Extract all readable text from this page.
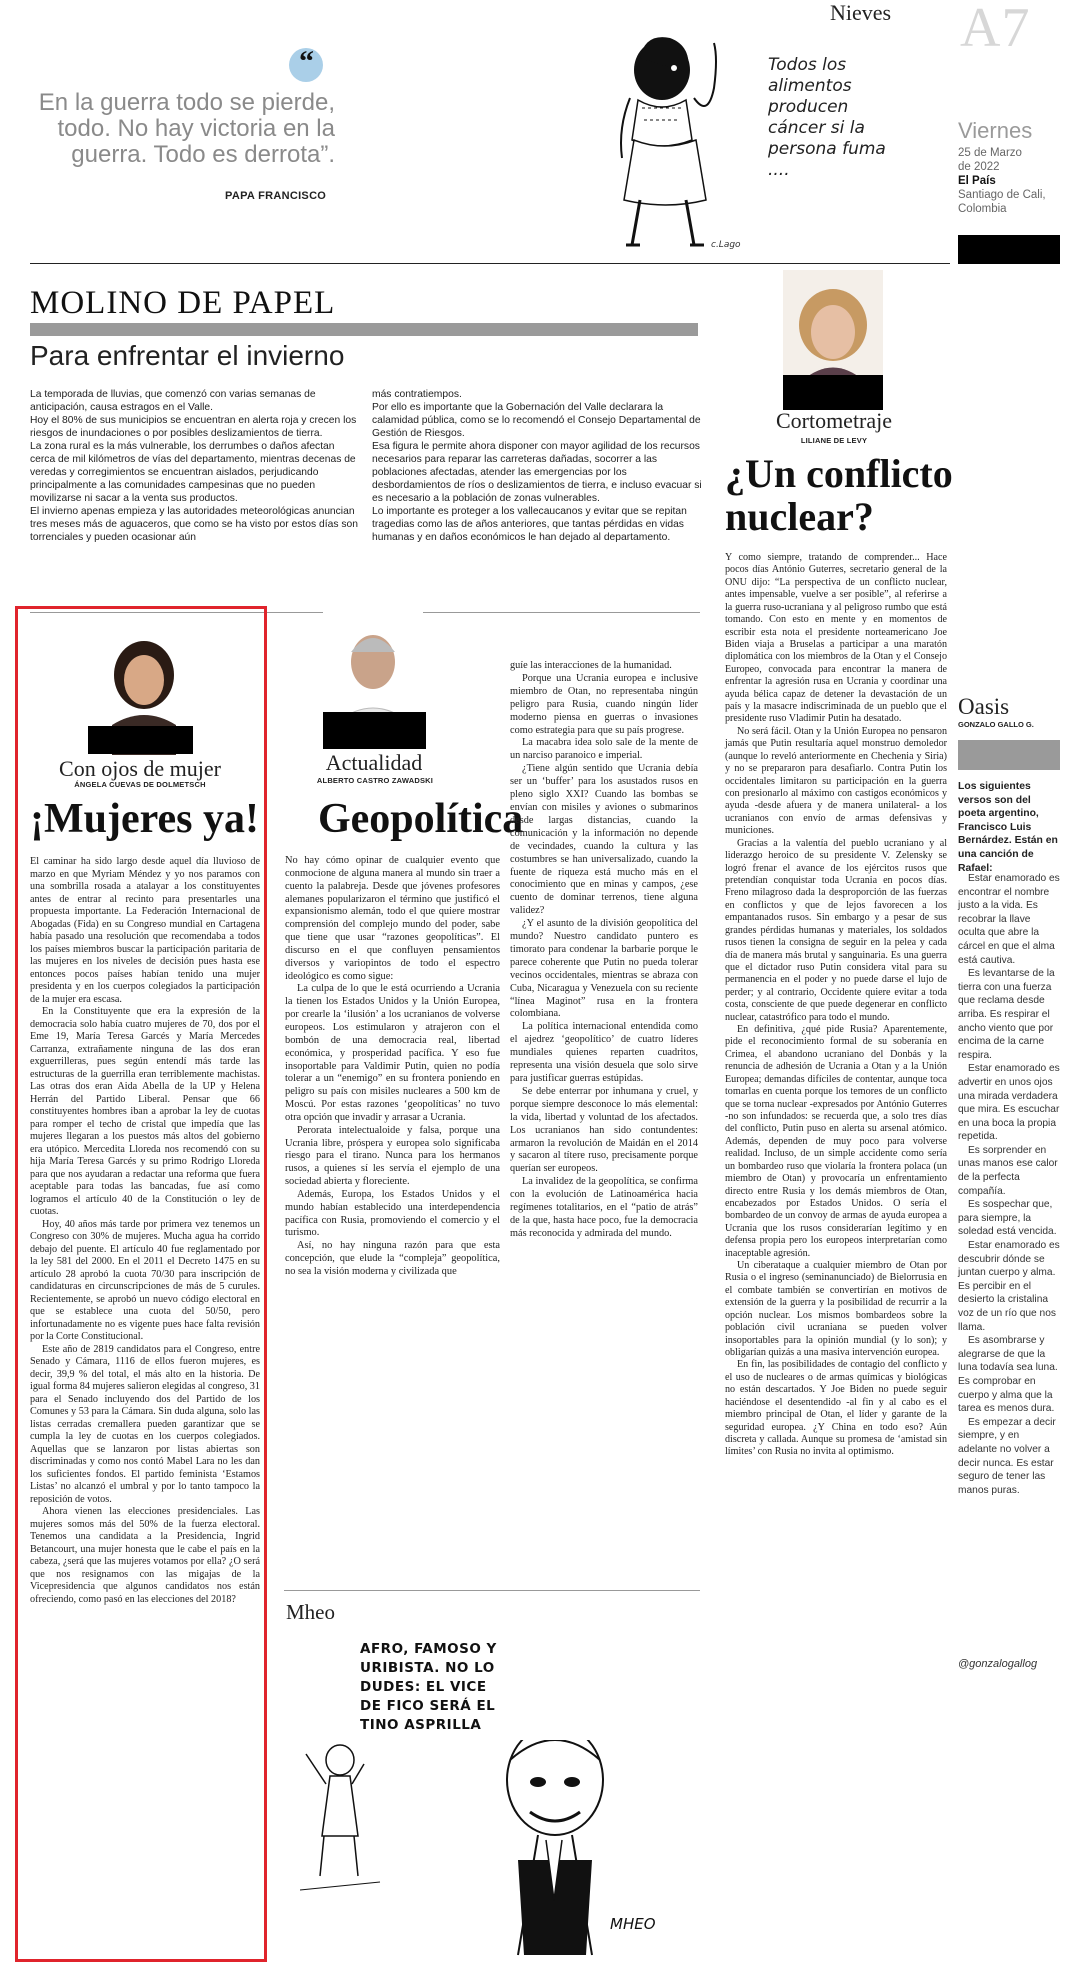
“
En la guerra todo se pierde, todo. No hay victoria en la guerra. Todo es derrota”.
PAPA FRANCISCO
Nieves
Todos los alimentos producen cáncer si la persona fuma ....
c.Lago
A7
Viernes
25 de Marzo
de 2022
El País
Santiago de Cali,
Colombia
MOLINO DE PAPEL
Para enfrentar el invierno
La temporada de lluvias, que comenzó con varias semanas de anticipación, causa estragos en el Valle.
Hoy el 80% de sus municipios se encuentran en alerta roja y crecen los riesgos de inundaciones o por posibles deslizamientos de tierra.
La zona rural es la más vulnerable, los derrumbes o daños afectan cerca de mil kilómetros de vías del departamento, mientras decenas de veredas y corregimientos se encuentran aislados, perjudicando principalmente a las comunidades campesinas que no pueden movilizarse ni sacar a la venta sus productos.
El invierno apenas empieza y las autoridades meteorológicas anuncian tres meses más de aguaceros, que como se ha visto por estos días son torrenciales y pueden ocasionar aún
más contratiempos.
Por ello es importante que la Gobernación del Valle declarara la calamidad pública, como se lo recomendó el Consejo Departamental de Gestión de Riesgos.
Esa figura le permite ahora disponer con mayor agilidad de los recursos necesarios para reparar las carreteras dañadas, socorrer a las poblaciones afectadas, atender las emergencias por los desbordamientos de ríos o deslizamientos de tierra, e incluso evacuar si es necesario a la población de zonas vulnerables.
Lo importante es proteger a los vallecaucanos y evitar que se repitan tragedias como las de años anteriores, que tantas pérdidas en vidas humanas y en daños económicos le han dejado al departamento.
Cortometraje
LILIANE DE LEVY
¿Un conflicto nuclear?

Y como siempre, tratando de comprender... Hace pocos días António Guterres, secretario general de la ONU dijo: “La perspectiva de un conflicto nuclear, antes impensable, vuelve a ser posible”, al referirse a la guerra ruso-ucraniana y al peligroso rumbo que está tomando. Con esto en mente y en momentos de escribir esta nota el presidente norteamericano Joe Biden viaja a Bruselas a participar a una maratón diplomática con los miembros de la Otan y el Consejo Europeo, convocada para encontrar la manera de enfrentar la agresión rusa en Ucrania y coordinar una ayuda bélica capaz de detener la devastación de un país y la masacre indiscriminada de un pueblo que el presidente ruso Vladimir Putin ha desatado.

No será fácil. Otan y la Unión Europea no pensaron jamás que Putin resultaría aquel monstruo demoledor (aunque lo reveló anteriormente en Chechenia y Siria) y no se prepararon para desafiarlo. Contra Putin los occidentales limitaron su participación en la guerra con presionarlo al máximo con castigos económicos y ayuda -desde afuera y de manera unilateral- a los ucranianos con envío de armas defensivas y municiones.

Gracias a la valentía del pueblo ucraniano y al liderazgo heroico de su presidente V. Zelensky se logró frenar el avance de los ejércitos rusos que pretendían conquistar toda Ucrania en pocos días. Freno milagroso dada la desproporción de las fuerzas en conflictos y que de lejos favorecen a los empantanados rusos. Sin embargo y a pesar de sus grandes pérdidas humanas y materiales, los soldados rusos tienen la consigna de seguir en la pelea y cada día de manera más brutal y sanguinaria. Es una guerra que el dictador ruso Putin considera vital para su permanencia en el poder y no puede darse el lujo de perder; y al contrario, Occidente quiere evitar a toda costa, consciente de que puede degenerar en conflicto nuclear, catastrófico para todo el mundo.

En definitiva, ¿qué pide Rusia? Aparentemente, pide el reconocimiento formal de su soberanía en Crimea, el abandono ucraniano del Donbás y la renuncia de adhesión de Ucrania a Otan y a la Unión Europea; demandas difíciles de contentar, aunque toca tomarlas en cuenta porque los temores de un conflicto que se torna nuclear -expresados por António Guterres -no son infundados: se recuerda que, a solo tres días del conflicto, Putin puso en alerta su arsenal atómico. Además, dependen de muy poco para volverse realidad. Incluso, de un simple accidente como sería un bombardeo ruso que violaría la frontera polaca (un miembro de Otan) y provocaría un enfrentamiento directo entre Rusia y los demás miembros de Otan, encabezados por Estados Unidos. O sería el bombardeo de un convoy de armas de ayuda europea a Ucrania que los rusos considerarían legítimo y en defensa propia pero los europeos interpretarían como inaceptable agresión.

Un ciberataque a cualquier miembro de Otan por Rusia o el ingreso (seminanunciado) de Bielorrusia en el combate también se convertirían en motivos de extensión de la guerra y la posibilidad de recurrir a la opción nuclear. Los mismos bombardeos sobre la población civil ucraniana se pueden volver insoportables para la opinión mundial (y lo son); y obligarían quizás a una masiva intervención europea.

En fin, las posibilidades de contagio del conflicto y el uso de nucleares o de armas químicas y biológicas no están descartados. Y Joe Biden no puede seguir haciéndose el desentendido -al fin y al cabo es el miembro principal de Otan, el líder y garante de la seguridad europea. ¿Y China en todo eso? Aún discreta y callada. Aunque su promesa de ‘amistad sin límites’ con Rusia no invita al optimismo.

Con ojos de mujer
ÁNGELA CUEVAS DE DOLMETSCH
¡Mujeres ya!

El caminar ha sido largo desde aquel día lluvioso de marzo en que Myriam Méndez y yo nos paramos con una sombrilla rosada a atalayar a los constituyentes antes de entrar al recinto para presentarles una propuesta importante. La Federación Internacional de Abogadas (Fida) en su Congreso mundial en Cartagena había pasado una resolución que recomendaba a todos los países miembros buscar la participación paritaria de las mujeres en los niveles de decisión pues hasta ese entonces pocos países habían tenido una mujer presidenta y en los cuerpos colegiados la participación de la mujer era escasa.

En la Constituyente que era la expresión de la democracia solo había cuatro mujeres de 70, dos por el Eme 19, María Teresa Garcés y María Mercedes Carranza, extrañamente ninguna de las dos eran exguerrilleras, pues según entendí más tarde las estructuras de la guerrilla eran terriblemente machistas. Las otras dos eran Aida Abella de la UP y Helena Herrán del Partido Liberal. Pensar que 66 constituyentes hombres iban a aprobar la ley de cuotas para romper el techo de cristal que impedía que las mujeres llegaran a los puestos más altos del gobierno era utópico. Mercedita Lloreda nos recomendó con su hija María Teresa Garcés y su primo Rodrigo Lloreda para que nos ayudaran a redactar una reforma que fuera aceptable para todas las bancadas, fue así como logramos el artículo 40 de la Constitución o ley de cuotas.

Hoy, 40 años más tarde por primera vez tenemos un Congreso con 30% de mujeres. Mucha agua ha corrido debajo del puente. El artículo 40 fue reglamentado por la ley 581 del 2000. En el 2011 el Decreto 1475 en su artículo 28 aprobó la cuota 70/30 para inscripción de candidaturas en circunscripciones de más de 5 curules. Recientemente, se aprobó un nuevo código electoral en que se establece una cuota del 50/50, pero infortunadamente no es vigente pues hace falta revisión por la Corte Constitucional.

Este año de 2819 candidatos para el Congreso, entre Senado y Cámara, 1116 de ellos fueron mujeres, es decir, 39,9 % del total, el más alto en la historia. De igual forma 84 mujeres salieron elegidas al congreso, 31 para el Senado incluyendo dos del Partido de los Comunes y 53 para la Cámara. Sin duda alguna, solo las listas cerradas cremallera pueden garantizar que se cumpla la ley de cuotas en los cuerpos colegiados. Aquellas que se lanzaron por listas abiertas son discriminadas y como nos contó Mabel Lara no les dan los suficientes fondos. El partido feminista ‘Estamos Listas’ no alcanzó el umbral y por lo tanto tampoco la reposición de votos.

Ahora vienen las elecciones presidenciales. Las mujeres somos más del 50% de la fuerza electoral. Tenemos una candidata a la Presidencia, Ingrid Betancourt, una mujer honesta que le cabe el país en la cabeza, ¿será que las mujeres votamos por ella? ¿O será que nos resignamos con las migajas de la Vicepresidencia que algunos candidatos nos están ofreciendo, como pasó en las elecciones del 2018?

Actualidad
ALBERTO CASTRO ZAWADSKI
Geopolítica

No hay cómo opinar de cualquier evento que conmocione de alguna manera al mundo sin traer a cuento la palabreja. Desde que jóvenes profesores alemanes popularizaron el término que justificó el expansionismo alemán, todo el que quiere mostrar comprensión del complejo mundo del poder, sabe que tiene que usar “razones geopolíticas”. El discurso en el que confluyen pensamientos diversos y variopintos de todo el espectro ideológico es como sigue:

La culpa de lo que le está ocurriendo a Ucrania la tienen los Estados Unidos y la Unión Europea, por crearle la ‘ilusión’ a los ucranianos de volverse europeos. Los estimularon y atrajeron con el bombón de una democracia real, libertad económica, y prosperidad pacífica. Y eso fue insoportable para Valdimir Putin, quien no podía tolerar a un “enemigo” en su frontera poniendo en peligro su país con misiles nucleares a 500 km de Moscú. Por estas razones ‘geopolíticas’ no tuvo otra opción que invadir y arrasar a Ucrania.

Perorata intelectualoide y falsa, porque una Ucrania libre, próspera y europea solo significaba riesgo para el tirano. Nunca para los hermanos rusos, a quienes sí les servía el ejemplo de una sociedad abierta y floreciente.

Además, Europa, los Estados Unidos y el mundo habían establecido una interdependencia pacífica con Rusia, promoviendo el comercio y el turismo.

Así, no hay ninguna razón para que esta concepción, que elude la “compleja” geopolítica, no sea la visión moderna y civilizada que

guíe las interacciones de la humanidad.

Porque una Ucrania europea e inclusive miembro de Otan, no representaba ningún peligro para Rusia, cuando ningún líder moderno piensa en guerras o invasiones como estrategia para que su país progrese.

La macabra idea solo sale de la mente de un narciso paranoico e imperial.

¿Tiene algún sentido que Ucrania debía ser un ‘buffer’ para los asustados rusos en pleno siglo XXI? Cuando las bombas se envían con misiles y aviones o submarinos desde largas distancias, cuando la comunicación y la información no depende de vecindades, cuando la cultura y las costumbres se han universalizado, cuando la fuente de riqueza está mucho más en el conocimiento que en minas y campos, ¿ese cuento de dominar terrenos, tiene alguna validez?

¿Y el asunto de la división geopolítica del mundo? Nuestro candidato puntero es timorato para condenar la barbarie porque le parece coherente que Putin no pueda tolerar vecinos occidentales, mientras se abraza con Cuba, Nicaragua y Venezuela con su reciente “línea Maginot” rusa en la frontera colombiana.

La política internacional entendida como el ajedrez ‘geopolítico’ de cuatro líderes mundiales quienes reparten cuadritos, representa una visión desuela que solo sirve para justificar guerras estúpidas.

Se debe enterrar por inhumana y cruel, y porque siempre desconoce lo más elemental: la vida, libertad y voluntad de los afectados. Los ucranianos han sido contundentes: armaron la revolución de Maidán en el 2014 y sacaron al títere ruso, precisamente porque querían ser europeos.

La invalidez de la geopolítica, se confirma con la evolución de Latinoamérica hacia regímenes totalitarios, en el “patio de atrás” de la que, hasta hace poco, fue la democracia más reconocida y admirada del mundo.

Mheo
AFRO, FAMOSO Y URIBISTA. NO LO DUDES: EL VICE DE FICO SERÁ EL TINO ASPRILLA
MHEO
Oasis
GONZALO GALLO G.
Los siguientes versos son del poeta argentino, Francisco Luis Bernárdez. Están en una canción de Rafael:

Estar enamorado es encontrar el nombre justo a la vida. Es recobrar la llave oculta que abre la cárcel en que el alma está cautiva.

Es levantarse de la tierra con una fuerza que reclama desde arriba. Es respirar el ancho viento que por encima de la carne respira.

Estar enamorado es advertir en unos ojos una mirada verdadera que mira. Es escuchar en una boca la propia repetida.

Es sorprender en unas manos ese calor de la perfecta compañía.

Es sospechar que, para siempre, la soledad está vencida.

Estar enamorado es descubrir dónde se juntan cuerpo y alma. Es percibir en el desierto la cristalina voz de un río que nos llama.

Es asombrarse y alegrarse de que la luna todavía sea luna. Es comprobar en cuerpo y alma que la tarea es menos dura.

Es empezar a decir siempre, y en adelante no volver a decir nunca. Es estar seguro de tener las manos puras.

@gonzalogallog
